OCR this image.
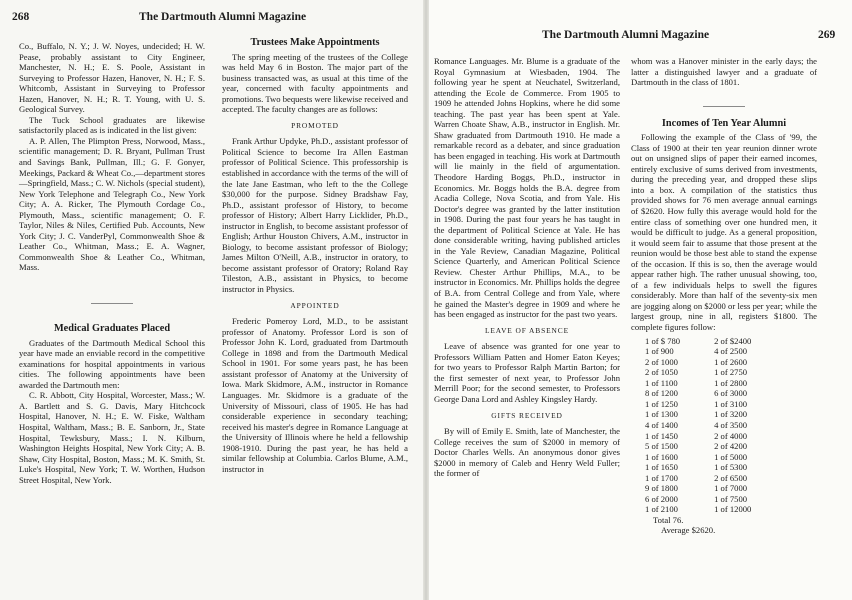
268	The Dartmouth Alumni Magazine

Co., Buffalo, N. Y.; J. W. Noyes, undecided; H. W. Pease, probably assistant to City Engineer, Manchester, N. H.; E. S. Poole, Assistant in Surveying to Professor Hazen, Hanover, N. H.; F. S. Whitcomb, Assistant in Surveying to Professor Hazen, Hanover, N. H.; R. T. Young, with U. S. Geological Survey.

The Tuck School graduates are likewise satisfactorily placed as is indicated in the list given:

A. P. Allen, The Plimpton Press, Norwood, Mass., scientific management; D. R. Bryant, Pullman Trust and Savings Bank, Pullman, Ill.; G. F. Gonyer, Meekings, Packard & Wheat Co.,—department stores—Springfield, Mass.; C. W. Nichols (special student), New York Telephone and Telegraph Co., New York City; A. A. Ricker, The Plymouth Cordage Co., Plymouth, Mass., scientific management; O. F. Taylor, Niles & Niles, Certified Pub. Accounts, New York City; J. C. VanderPyl, Commonwealth Shoe & Leather Co., Whitman, Mass.; E. A. Wagner, Commonwealth Shoe & Leather Co., Whitman, Mass.

Medical Graduates Placed

Graduates of the Dartmouth Medical School this year have made an enviable record in the competitive examinations for hospital appointments in various cities. The following appointments have been awarded the Dartmouth men:

C. R. Abbott, City Hospital, Worcester, Mass.; W. A. Bartlett and S. G. Davis, Mary Hitchcock Hospital, Hanover, N. H.; E. W. Fiske, Waltham Hospital, Waltham, Mass.; B. E. Sanborn, Jr., State Hospital, Tewksbury, Mass.; I. N. Kilburn, Washington Heights Hospital, New York City; A. B. Shaw, City Hospital, Boston, Mass.; M. K. Smith, St. Luke's Hospital, New York; T. W. Worthen, Hudson Street Hospital, New York.

Trustees Make Appointments

The spring meeting of the trustees of the College was held May 6 in Boston. The major part of the business transacted was, as usual at this time of the year, concerned with faculty appointments and promotions. Two bequests were likewise received and accepted. The faculty changes are as follows:

PROMOTED

Frank Arthur Updyke, Ph.D., assistant professor of Political Science to become Ira Allen Eastman professor of Political Science. This professorship is established in accordance with the terms of the will of the late Jane Eastman, who left to the the College $30,000 for the purpose. Sidney Bradshaw Fay, Ph.D., assistant professor of History, to become professor of History; Albert Harry Licklider, Ph.D., instructor in English, to become assistant professor of English; Arthur Houston Chivers, A.M., instructor in Biology, to become assistant professor of Biology; James Milton O'Neill, A.B., instructor in oratory, to become assistant professor of Oratory; Roland Ray Tileston, A.B., assistant in Physics, to become instructor in Physics.

APPOINTED

Frederic Pomeroy Lord, M.D., to be assistant professor of Anatomy. Professor Lord is son of Professor John K. Lord, graduated from Dartmouth College in 1898 and from the Dartmouth Medical School in 1901. For some years past, he has been assistant professor of Anatomy at the University of Iowa. Mark Skidmore, A.M., instructor in Romance Languages. Mr. Skidmore is a graduate of the University of Missouri, class of 1905. He has had considerable experience in secondary teaching; received his master's degree in Romance Language at the University of Illinois where he held a fellowship 1908-1910. During the past year, he has held a similar fellowship at Columbia. Carlos Blume, A.M., instructor in

The Dartmouth Alumni Magazine	269

Romance Languages. Mr. Blume is a graduate of the Royal Gymnasium at Wiesbaden, 1904. The following year he spent at Neuchatel, Switzerland, attending the Ecole de Commerce. From 1905 to 1909 he attended Johns Hopkins, where he did some teaching. The past year has been spent at Yale. Warren Choate Shaw, A.B., instructor in English. Mr. Shaw graduated from Dartmouth 1910. He made a remarkable record as a debater, and since graduation has been engaged in teaching. His work at Dartmouth will lie mainly in the field of argumentation. Theodore Harding Boggs, Ph.D., instructor in Economics. Mr. Boggs holds the B.A. degree from Acadia College, Nova Scotia, and from Yale. His Doctor's degree was granted by the latter institution in 1908. During the past four years he has taught in the department of Political Science at Yale. He has done considerable writing, having published articles in the Yale Review, Canadian Magazine, Political Science Quarterly, and American Political Science Review. Chester Arthur Phillips, M.A., to be instructor in Economics. Mr. Phillips holds the degree of B.A. from Central College and from Yale, where he gained the Master's degree in 1909 and where he has been engaged as instructor for the past two years.

LEAVE OF ABSENCE

Leave of absence was granted for one year to Professors William Patten and Homer Eaton Keyes; for two years to Professor Ralph Martin Barton; for the first semester of next year, to Professor John Merrill Poor; for the second semester, to Professors George Dana Lord and Ashley Kingsley Hardy.

GIFTS RECEIVED

By will of Emily E. Smith, late of Manchester, the College receives the sum of $2000 in memory of Doctor Charles Wells. An anonymous donor gives $2000 in memory of Caleb and Henry Weld Fuller; the former of

whom was a Hanover minister in the early days; the latter a distinguished lawyer and a graduate of Dartmouth in the class of 1801.

Incomes of Ten Year Alumni

Following the example of the Class of '99, the Class of 1900 at their ten year reunion dinner wrote out on unsigned slips of paper their earned incomes, entirely exclusive of sums derived from investments, during the preceding year, and dropped these slips into a box. A compilation of the statistics thus provided shows for 76 men average annual earnings of $2620. How fully this average would hold for the entire class of something over one hundred men, it would be difficult to judge. As a general proposition, it would seem fair to assume that those present at the reunion would be those best able to stand the expense of the occasion. If this is so, then the average would appear rather high. The rather unusual showing, too, of a few individuals helps to swell the figures considerably. More than half of the seventy-six men are jogging along on $2000 or less per year; while the largest group, nine in all, registers $1800. The complete figures follow:

1 of $ 780	2 of $2400
1 of 900	4 of 2500
2 of 1000	1 of 2600
2 of 1050	1 of 2750
1 of 1100	1 of 2800
8 of 1200	6 of 3000
1 of 1250	1 of 3100
1 of 1300	1 of 3200
4 of 1400	4 of 3500
1 of 1450	2 of 4000
5 of 1500	2 of 4200
1 of 1600	1 of 5000
1 of 1650	1 of 5300
1 of 1700	2 of 6500
9 of 1800	1 of 7000
6 of 2000	1 of 7500
1 of 2100	1 of 12000

Total 76.

Average $2620.
